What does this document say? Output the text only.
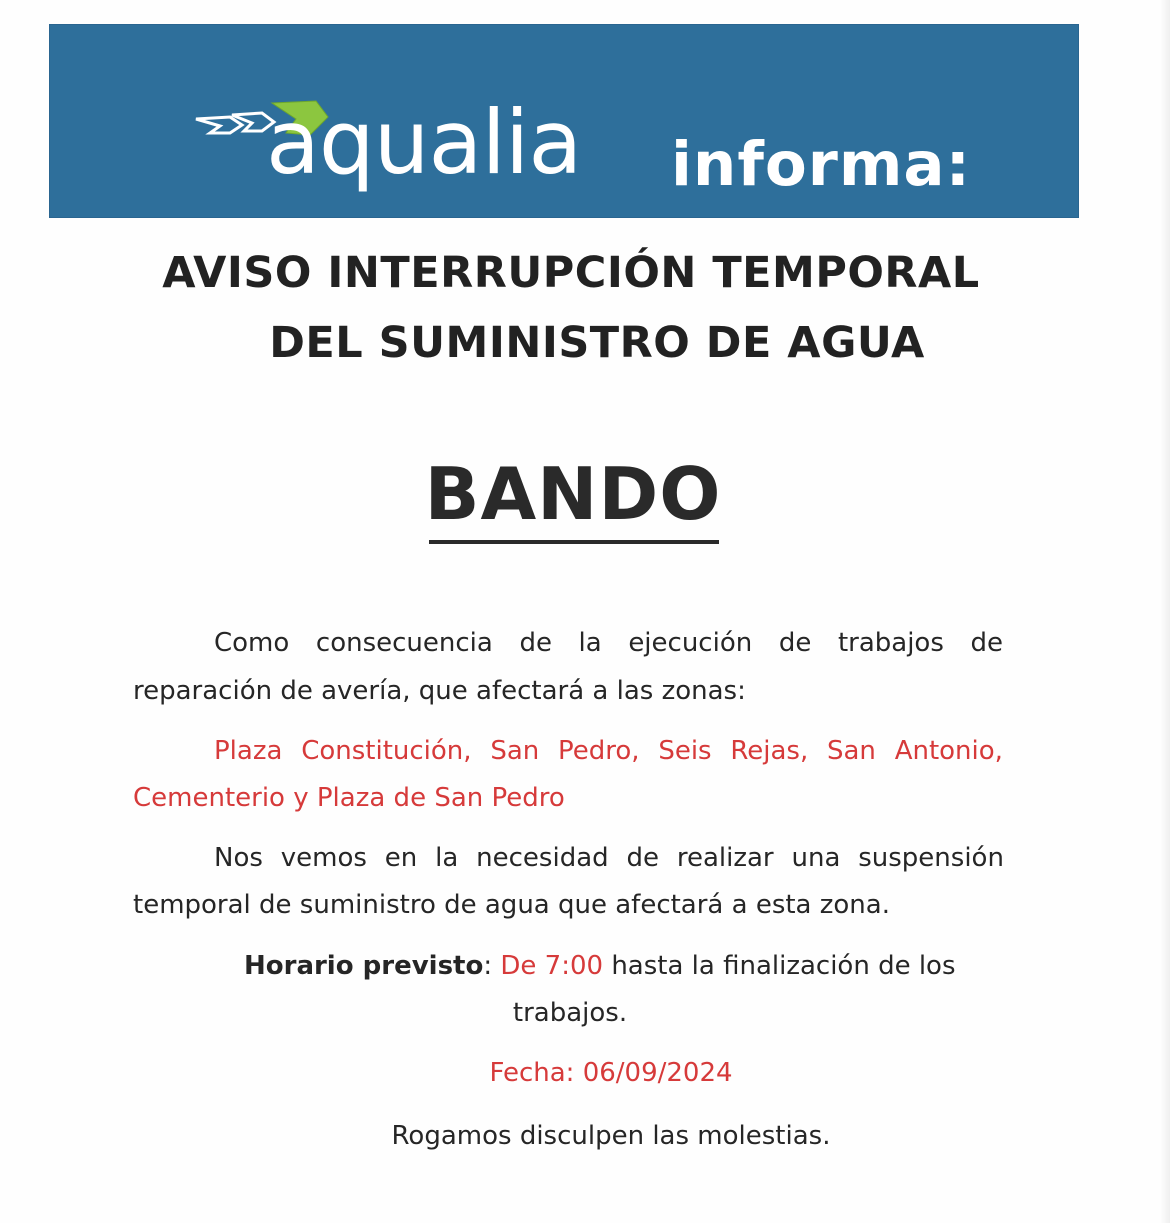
aqualia informa:
AVISO INTERRUPCIÓN TEMPORAL
DEL SUMINISTRO DE AGUA
BANDO
Como consecuencia de la ejecución de trabajos de
reparación de avería, que afectará a las zonas:
Plaza Constitución, San Pedro, Seis Rejas, San Antonio,
Cementerio y Plaza de San Pedro
Nos vemos en la necesidad de realizar una suspensión
temporal de suministro de agua que afectará a esta zona.
Horario previsto: De 7:00 hasta la finalización de los
trabajos.
Fecha: 06/09/2024
Rogamos disculpen las molestias.
